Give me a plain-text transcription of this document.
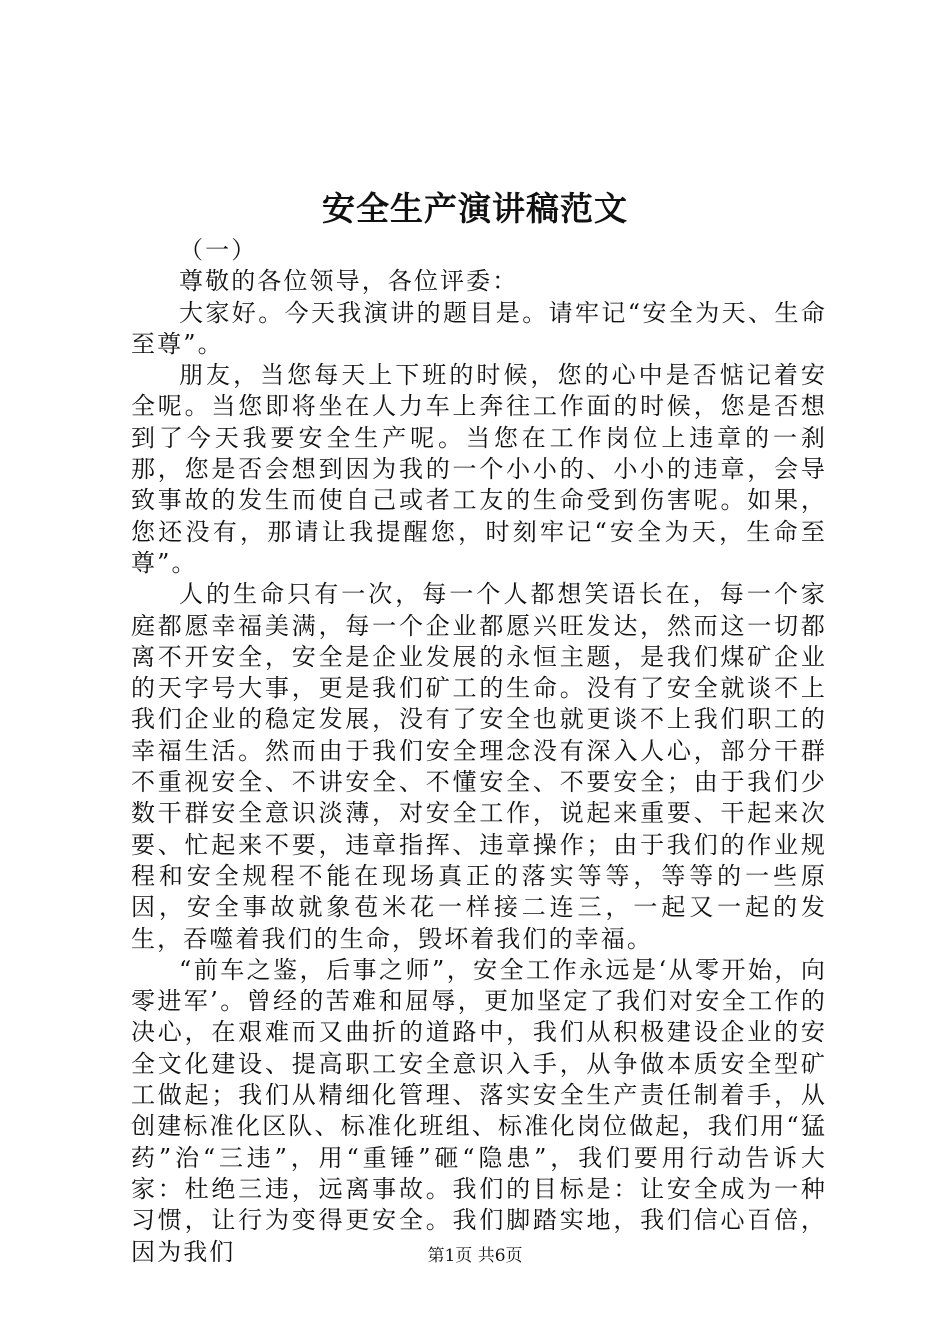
安全生产演讲稿范文

（一）

尊敬的各位领导，各位评委：

大家好。今天我演讲的题目是。请牢记“安全为天、生命至尊”。

朋友，当您每天上下班的时候，您的心中是否惦记着安全呢。当您即将坐在人力车上奔往工作面的时候，您是否想到了今天我要安全生产呢。当您在工作岗位上违章的一刹那，您是否会想到因为我的一个小小的、小小的违章，会导致事故的发生而使自己或者工友的生命受到伤害呢。如果，您还没有，那请让我提醒您，时刻牢记“安全为天，生命至尊”。

人的生命只有一次，每一个人都想笑语长在，每一个家庭都愿幸福美满，每一个企业都愿兴旺发达，然而这一切都离不开安全，安全是企业发展的永恒主题，是我们煤矿企业的天字号大事，更是我们矿工的生命。没有了安全就谈不上我们企业的稳定发展，没有了安全也就更谈不上我们职工的幸福生活。然而由于我们安全理念没有深入人心，部分干群不重视安全、不讲安全、不懂安全、不要安全；由于我们少数干群安全意识淡薄，对安全工作，说起来重要、干起来次要、忙起来不要，违章指挥、违章操作；由于我们的作业规程和安全规程不能在现场真正的落实等等，等等的一些原因，安全事故就象苞米花一样接二连三，一起又一起的发生，吞噬着我们的生命，毁坏着我们的幸福。

“前车之鉴，后事之师”，安全工作永远是‘从零开始，向零进军’。曾经的苦难和屈辱，更加坚定了我们对安全工作的决心，在艰难而又曲折的道路中，我们从积极建设企业的安全文化建设、提高职工安全意识入手，从争做本质安全型矿工做起；我们从精细化管理、落实安全生产责任制着手，从创建标准化区队、标准化班组、标准化岗位做起，我们用“猛药”治“三违”，用“重锤”砸“隐患”，我们要用行动告诉大家：杜绝三违，远离事故。我们的目标是：让安全成为一种习惯，让行为变得更安全。我们脚踏实地，我们信心百倍，因为我们	第1页 共6页
